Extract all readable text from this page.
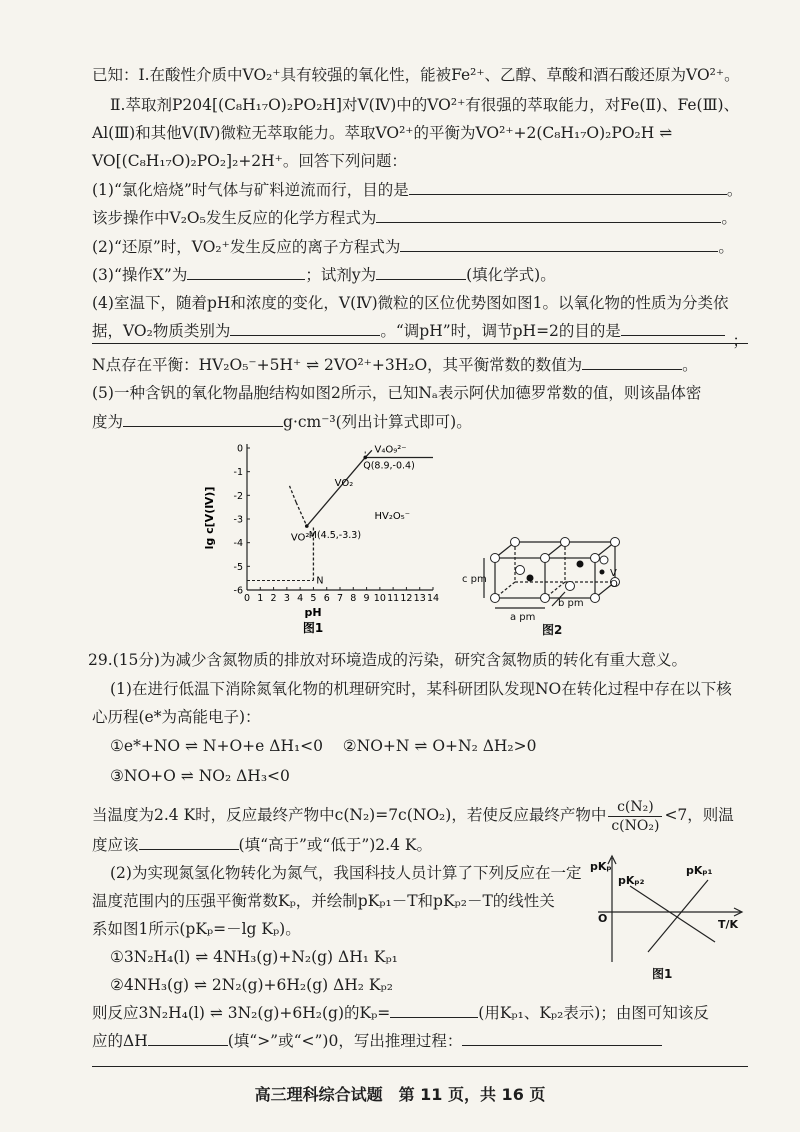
已知：Ⅰ.在酸性介质中VO₂⁺具有较强的氧化性，能被Fe²⁺、乙醇、草酸和酒石酸还原为VO²⁺。
Ⅱ.萃取剂P204[(C₈H₁₇O)₂PO₂H]对V(Ⅳ)中的VO²⁺有很强的萃取能力，对Fe(Ⅱ)、Fe(Ⅲ)、
Al(Ⅲ)和其他V(Ⅳ)微粒无萃取能力。萃取VO²⁺的平衡为VO²⁺+2(C₈H₁₇O)₂PO₂H ⇌
VO[(C₈H₁₇O)₂PO₂]₂+2H⁺。回答下列问题：
(1)“氯化焙烧”时气体与矿料逆流而行，目的是	。
该步操作中V₂O₅发生反应的化学方程式为	。
(2)“还原”时，VO₂⁺发生反应的离子方程式为	。
(3)“操作X”为	；试剂y为	(填化学式)。
(4)室温下，随着pH和浓度的变化，V(Ⅳ)微粒的区位优势图如图1。以氧化物的性质为分类依
据，VO₂物质类别为	。“调pH”时，调节pH=2的目的是
；
N点存在平衡：HV₂O₅⁻+5H⁺ ⇌ 2VO²⁺+3H₂O，其平衡常数的数值为	。
(5)一种含钒的氧化物晶胞结构如图2所示，已知Nₐ表示阿伏加德罗常数的值，则该晶体密
度为	g·cm⁻³(列出计算式即可)。
lg c[V(Ⅳ)]
pH
图1
0 1 2 3 4 5 6 7 8 9 10 11 12 13 14
0
-1
-2
-3
-4
-5
-6
M(4.5,-3.3)
Q(8.9,-0.4)
N
VO²⁺
VO₂
V₄O₉²⁻
HV₂O₅⁻
c pm
a pm
b pm
V
O
图2
29.(15分)为减少含氮物质的排放对环境造成的污染，研究含氮物质的转化有重大意义。
(1)在进行低温下消除氮氧化物的机理研究时，某科研团队发现NO在转化过程中存在以下核
心历程(e*为高能电子)：
①e*+NO ⇌ N+O+e ΔH₁<0 ②NO+N ⇌ O+N₂ ΔH₂>0
③NO+O ⇌ NO₂ ΔH₃<0
当温度为2.4 K时，反应最终产物中c(N₂)=7c(NO₂)，若使反应最终产物中 $\frac{\text{c(N₂)}}{\text{c(NO₂)}} <7$，则温
度应该	(填“高于”或“低于”)2.4 K。
(2)为实现氮氢化物转化为氮气，我国科技人员计算了下列反应在一定
温度范围内的压强平衡常数Kₚ，并绘制pKₚ₁－T和pKₚ₂－T的线性关
系如图1所示(pKₚ=－lg Kₚ)。
①3N₂H₄(l) ⇌ 4NH₃(g)+N₂(g) ΔH₁ Kₚ₁
②4NH₃(g) ⇌ 2N₂(g)+6H₂(g) ΔH₂ Kₚ₂
则反应3N₂H₄(l) ⇌ 3N₂(g)+6H₂(g)的Kₚ=	(用Kₚ₁、Kₚ₂表示)；由图可知该反
应的ΔH	(填“>”或“<”)0，写出推理过程：
pKₚ
T/K
O
pKₚ₂
pKₚ₁
图1
高三理科综合试题　第 11 页，共 16 页
